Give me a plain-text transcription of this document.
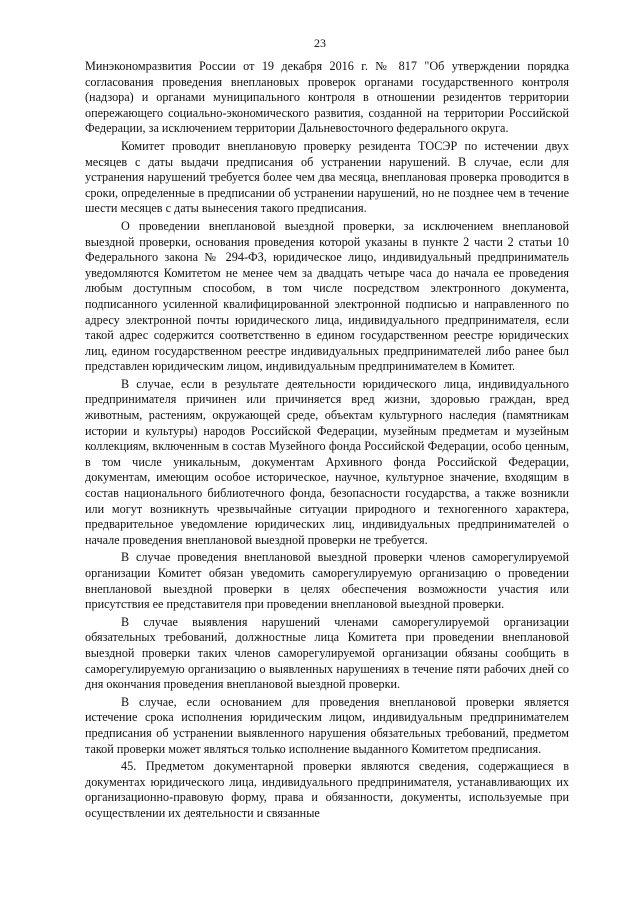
23

Минэкономразвития России от 19 декабря 2016 г. № 817 "Об утверждении порядка согласования проведения внеплановых проверок органами государственного контроля (надзора) и органами муниципального контроля в отношении резидентов территории опережающего социально-экономического развития, созданной на территории Российской Федерации, за исключением территории Дальневосточного федерального округа.

Комитет проводит внеплановую проверку резидента ТОСЭР по истечении двух месяцев с даты выдачи предписания об устранении нарушений. В случае, если для устранения нарушений требуется более чем два месяца, внеплановая проверка проводится в сроки, определенные в предписании об устранении нарушений, но не позднее чем в течение шести месяцев с даты вынесения такого предписания.

О проведении внеплановой выездной проверки, за исключением внеплановой выездной проверки, основания проведения которой указаны в пункте 2 части 2 статьи 10 Федерального закона № 294-ФЗ, юридическое лицо, индивидуальный предприниматель уведомляются Комитетом не менее чем за двадцать четыре часа до начала ее проведения любым доступным способом, в том числе посредством электронного документа, подписанного усиленной квалифицированной электронной подписью и направленного по адресу электронной почты юридического лица, индивидуального предпринимателя, если такой адрес содержится соответственно в едином государственном реестре юридических лиц, едином государственном реестре индивидуальных предпринимателей либо ранее был представлен юридическим лицом, индивидуальным предпринимателем в Комитет.

В случае, если в результате деятельности юридического лица, индивидуального предпринимателя причинен или причиняется вред жизни, здоровью граждан, вред животным, растениям, окружающей среде, объектам культурного наследия (памятникам истории и культуры) народов Российской Федерации, музейным предметам и музейным коллекциям, включенным в состав Музейного фонда Российской Федерации, особо ценным, в том числе уникальным, документам Архивного фонда Российской Федерации, документам, имеющим особое историческое, научное, культурное значение, входящим в состав национального библиотечного фонда, безопасности государства, а также возникли или могут возникнуть чрезвычайные ситуации природного и техногенного характера, предварительное уведомление юридических лиц, индивидуальных предпринимателей о начале проведения внеплановой выездной проверки не требуется.

В случае проведения внеплановой выездной проверки членов саморегулируемой организации Комитет обязан уведомить саморегулируемую организацию о проведении внеплановой выездной проверки в целях обеспечения возможности участия или присутствия ее представителя при проведении внеплановой выездной проверки.

В случае выявления нарушений членами саморегулируемой организации обязательных требований, должностные лица Комитета при проведении внеплановой выездной проверки таких членов саморегулируемой организации обязаны сообщить в саморегулируемую организацию о выявленных нарушениях в течение пяти рабочих дней со дня окончания проведения внеплановой выездной проверки.

В случае, если основанием для проведения внеплановой проверки является истечение срока исполнения юридическим лицом, индивидуальным предпринимателем предписания об устранении выявленного нарушения обязательных требований, предметом такой проверки может являться только исполнение выданного Комитетом предписания.

45. Предметом документарной проверки являются сведения, содержащиеся в документах юридического лица, индивидуального предпринимателя, устанавливающих их организационно-правовую форму, права и обязанности, документы, используемые при осуществлении их деятельности и связанные
